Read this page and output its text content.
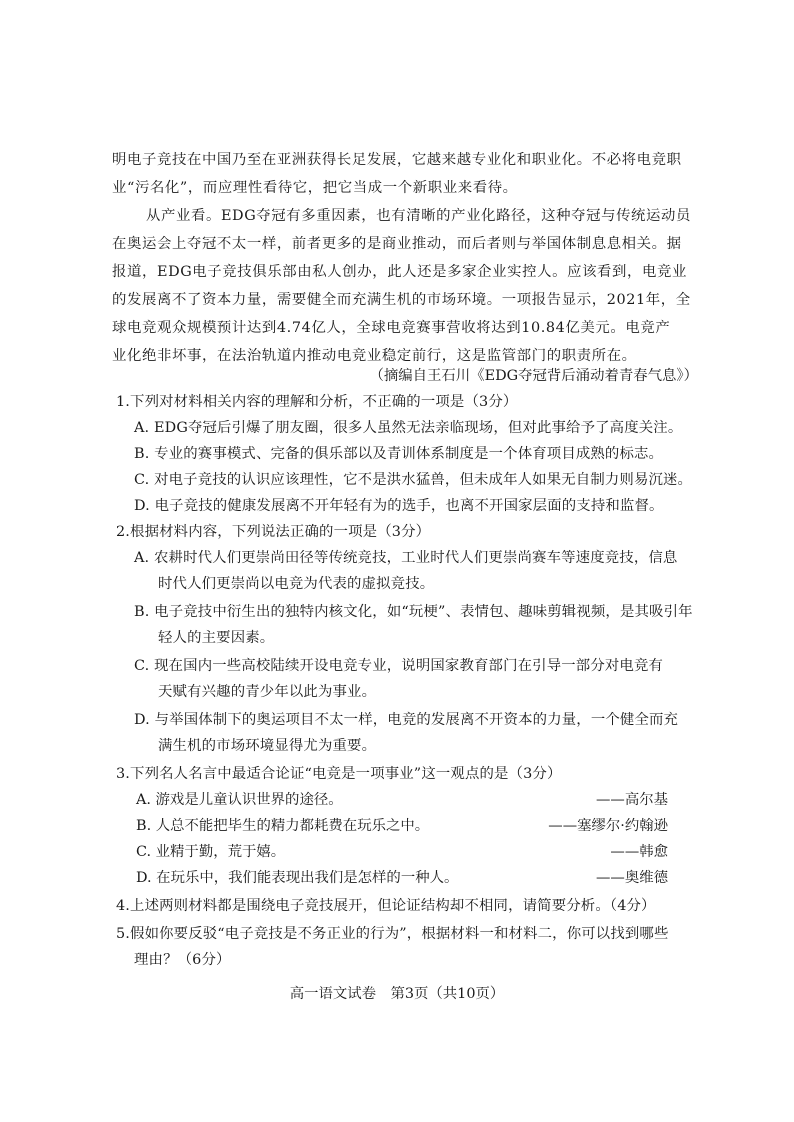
明电子竞技在中国乃至在亚洲获得长足发展，它越来越专业化和职业化。不必将电竞职
业“污名化”，而应理性看待它，把它当成一个新职业来看待。
从产业看。EDG夺冠有多重因素，也有清晰的产业化路径，这种夺冠与传统运动员
在奥运会上夺冠不太一样，前者更多的是商业推动，而后者则与举国体制息息相关。据
报道，EDG电子竞技俱乐部由私人创办，此人还是多家企业实控人。应该看到，电竞业
的发展离不了资本力量，需要健全而充满生机的市场环境。一项报告显示，2021年，全
球电竞观众规模预计达到4.74亿人，全球电竞赛事营收将达到10.84亿美元。电竞产
业化绝非坏事，在法治轨道内推动电竞业稳定前行，这是监管部门的职责所在。
（摘编自王石川《EDG夺冠背后涌动着青春气息》）
1.下列对材料相关内容的理解和分析，不正确的一项是（3分）
A. EDG夺冠后引爆了朋友圈，很多人虽然无法亲临现场，但对此事给予了高度关注。
B. 专业的赛事模式、完备的俱乐部以及青训体系制度是一个体育项目成熟的标志。
C. 对电子竞技的认识应该理性，它不是洪水猛兽，但未成年人如果无自制力则易沉迷。
D. 电子竞技的健康发展离不开年轻有为的选手，也离不开国家层面的支持和监督。
2.根据材料内容，下列说法正确的一项是（3分）
A. 农耕时代人们更崇尚田径等传统竞技，工业时代人们更崇尚赛车等速度竞技，信息
时代人们更崇尚以电竞为代表的虚拟竞技。
B. 电子竞技中衍生出的独特内核文化，如“玩梗”、表情包、趣味剪辑视频，是其吸引年
轻人的主要因素。
C. 现在国内一些高校陆续开设电竞专业，说明国家教育部门在引导一部分对电竞有
天赋有兴趣的青少年以此为事业。
D. 与举国体制下的奥运项目不太一样，电竞的发展离不开资本的力量，一个健全而充
满生机的市场环境显得尤为重要。
3.下列名人名言中最适合论证“电竞是一项事业”这一观点的是（3分）
A. 游戏是儿童认识世界的途径。	——高尔基
B. 人总不能把毕生的精力都耗费在玩乐之中。	——塞缪尔·约翰逊
C. 业精于勤，荒于嬉。	——韩愈
D. 在玩乐中，我们能表现出我们是怎样的一种人。	——奥维德
4.上述两则材料都是围绕电子竞技展开，但论证结构却不相同，请简要分析。（4分）
5.假如你要反驳“电子竞技是不务正业的行为”，根据材料一和材料二，你可以找到哪些
理由？（6分）
高一语文试卷　第3页（共10页）
